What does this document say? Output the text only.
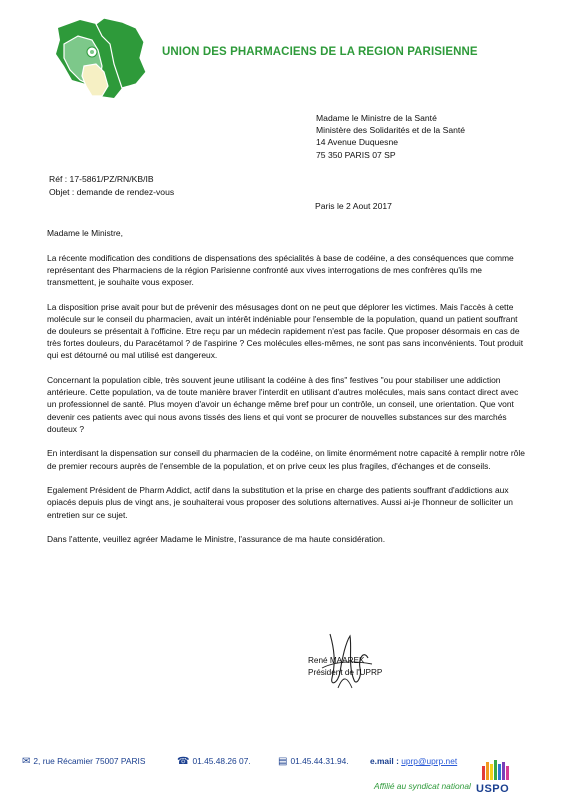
UNION DES PHARMACIENS DE LA REGION PARISIENNE
Madame le Ministre de la Santé
Ministère des Solidarités et de la Santé
14 Avenue Duquesne
75 350 PARIS 07 SP
Réf : 17-5861/PZ/RN/KB/IB
Objet : demande de rendez-vous
Paris le 2 Aout 2017

Madame le Ministre,

La récente modification des conditions de dispensations des spécialités à base de codéine, a des conséquences que comme représentant des Pharmaciens de la région Parisienne confronté aux vives interrogations de mes confrères qu'ils me transmettent, je souhaite vous exposer.

La disposition prise avait pour but de prévenir des mésusages dont on ne peut que déplorer les victimes. Mais l'accès à cette molécule sur le conseil du pharmacien, avait un intérêt indéniable pour l'ensemble de la population, quand un patient souffrant de douleurs se présentait à l'officine. Etre reçu par un médecin rapidement n'est pas facile. Que proposer désormais en cas de très fortes douleurs, du Paracétamol ? de l'aspirine ? Ces molécules elles-mêmes, ne sont pas sans inconvénients. Tout produit qui est détourné ou mal utilisé est dangereux.

Concernant la population cible, très souvent jeune utilisant la codéine à des fins" festives "ou pour stabiliser une addiction antérieure. Cette population, va de toute manière braver l'interdit en utilisant d'autres molécules, mais sans contact direct avec un professionnel de santé. Plus moyen d'avoir un échange même bref pour un contrôle, un conseil, une orientation. Que vont devenir ces patients avec qui nous avons tissés des liens et qui vont se procurer de nouvelles substances sur des marchés douteux ?

En interdisant la dispensation sur conseil du pharmacien de la codéine, on limite énormément notre capacité à remplir notre rôle de premier recours auprès de l'ensemble de la population, et on prive ceux les plus fragiles, d'échanges et de conseils.

Egalement Président de Pharm Addict, actif dans la substitution et la prise en charge des patients souffrant d'addictions aux opiacés depuis plus de vingt ans, je souhaiterai vous proposer des solutions alternatives. Aussi ai-je l'honneur de solliciter un entretien sur ce sujet.

Dans l'attente, veuillez agréer Madame le Ministre, l'assurance de ma haute considération.

René MAAREK
Président de l'UPRP
✉ 2, rue Récamier 75007 PARIS	☎ 01.45.48.26 07.	▤ 01.45.44.31.94.	e.mail : uprp@uprp.net
Affilié au syndicat national USPO
